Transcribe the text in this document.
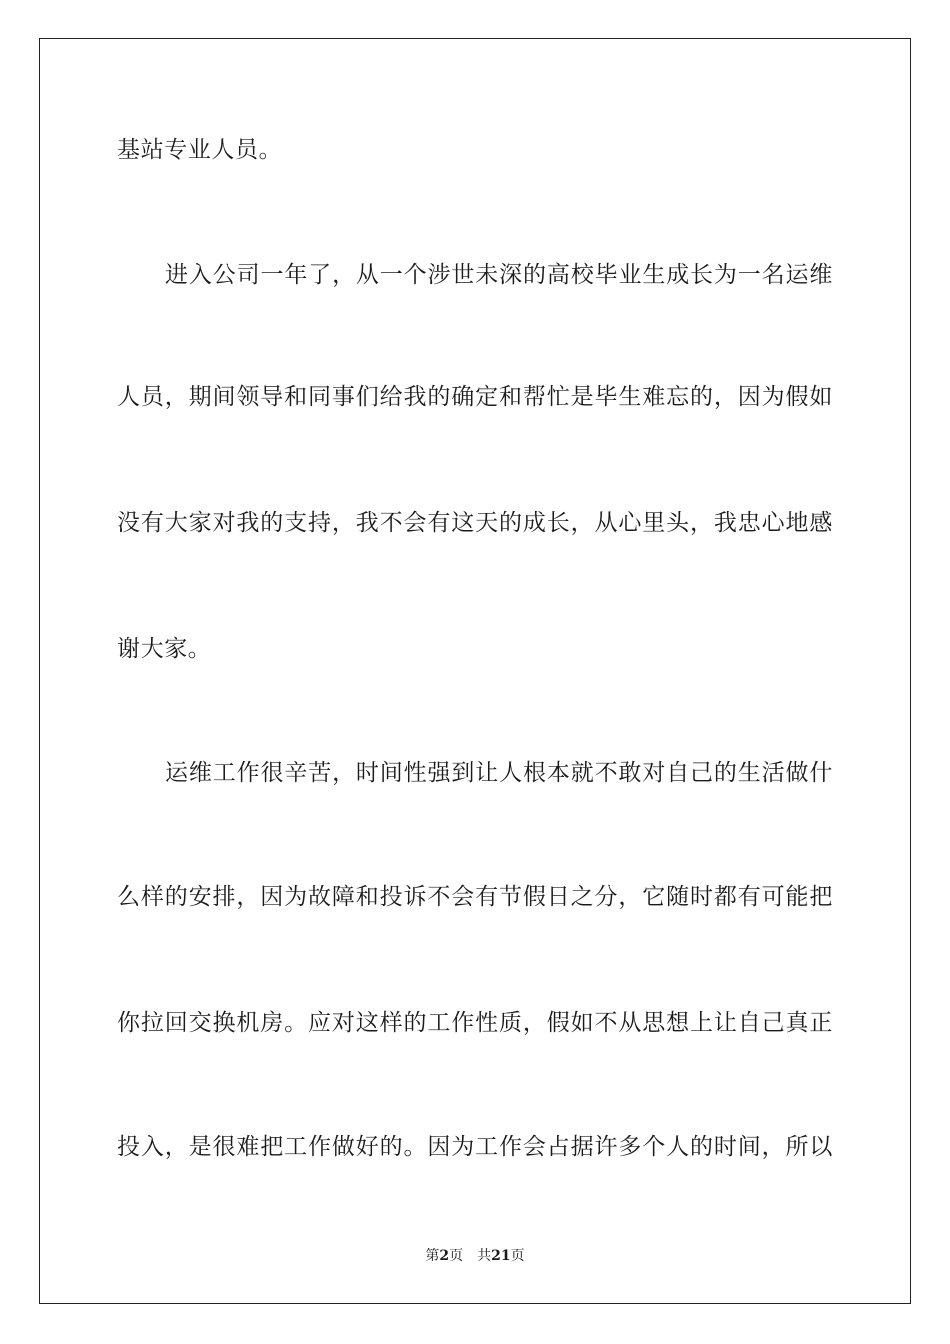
基站专业人员。
进入公司一年了，从一个涉世未深的高校毕业生成长为一名运维
人员，期间领导和同事们给我的确定和帮忙是毕生难忘的，因为假如
没有大家对我的支持，我不会有这天的成长，从心里头，我忠心地感
谢大家。
运维工作很辛苦，时间性强到让人根本就不敢对自己的生活做什
么样的安排，因为故障和投诉不会有节假日之分，它随时都有可能把
你拉回交换机房。应对这样的工作性质，假如不从思想上让自己真正
投入，是很难把工作做好的。因为工作会占据许多个人的时间，所以
第2页 共21页
